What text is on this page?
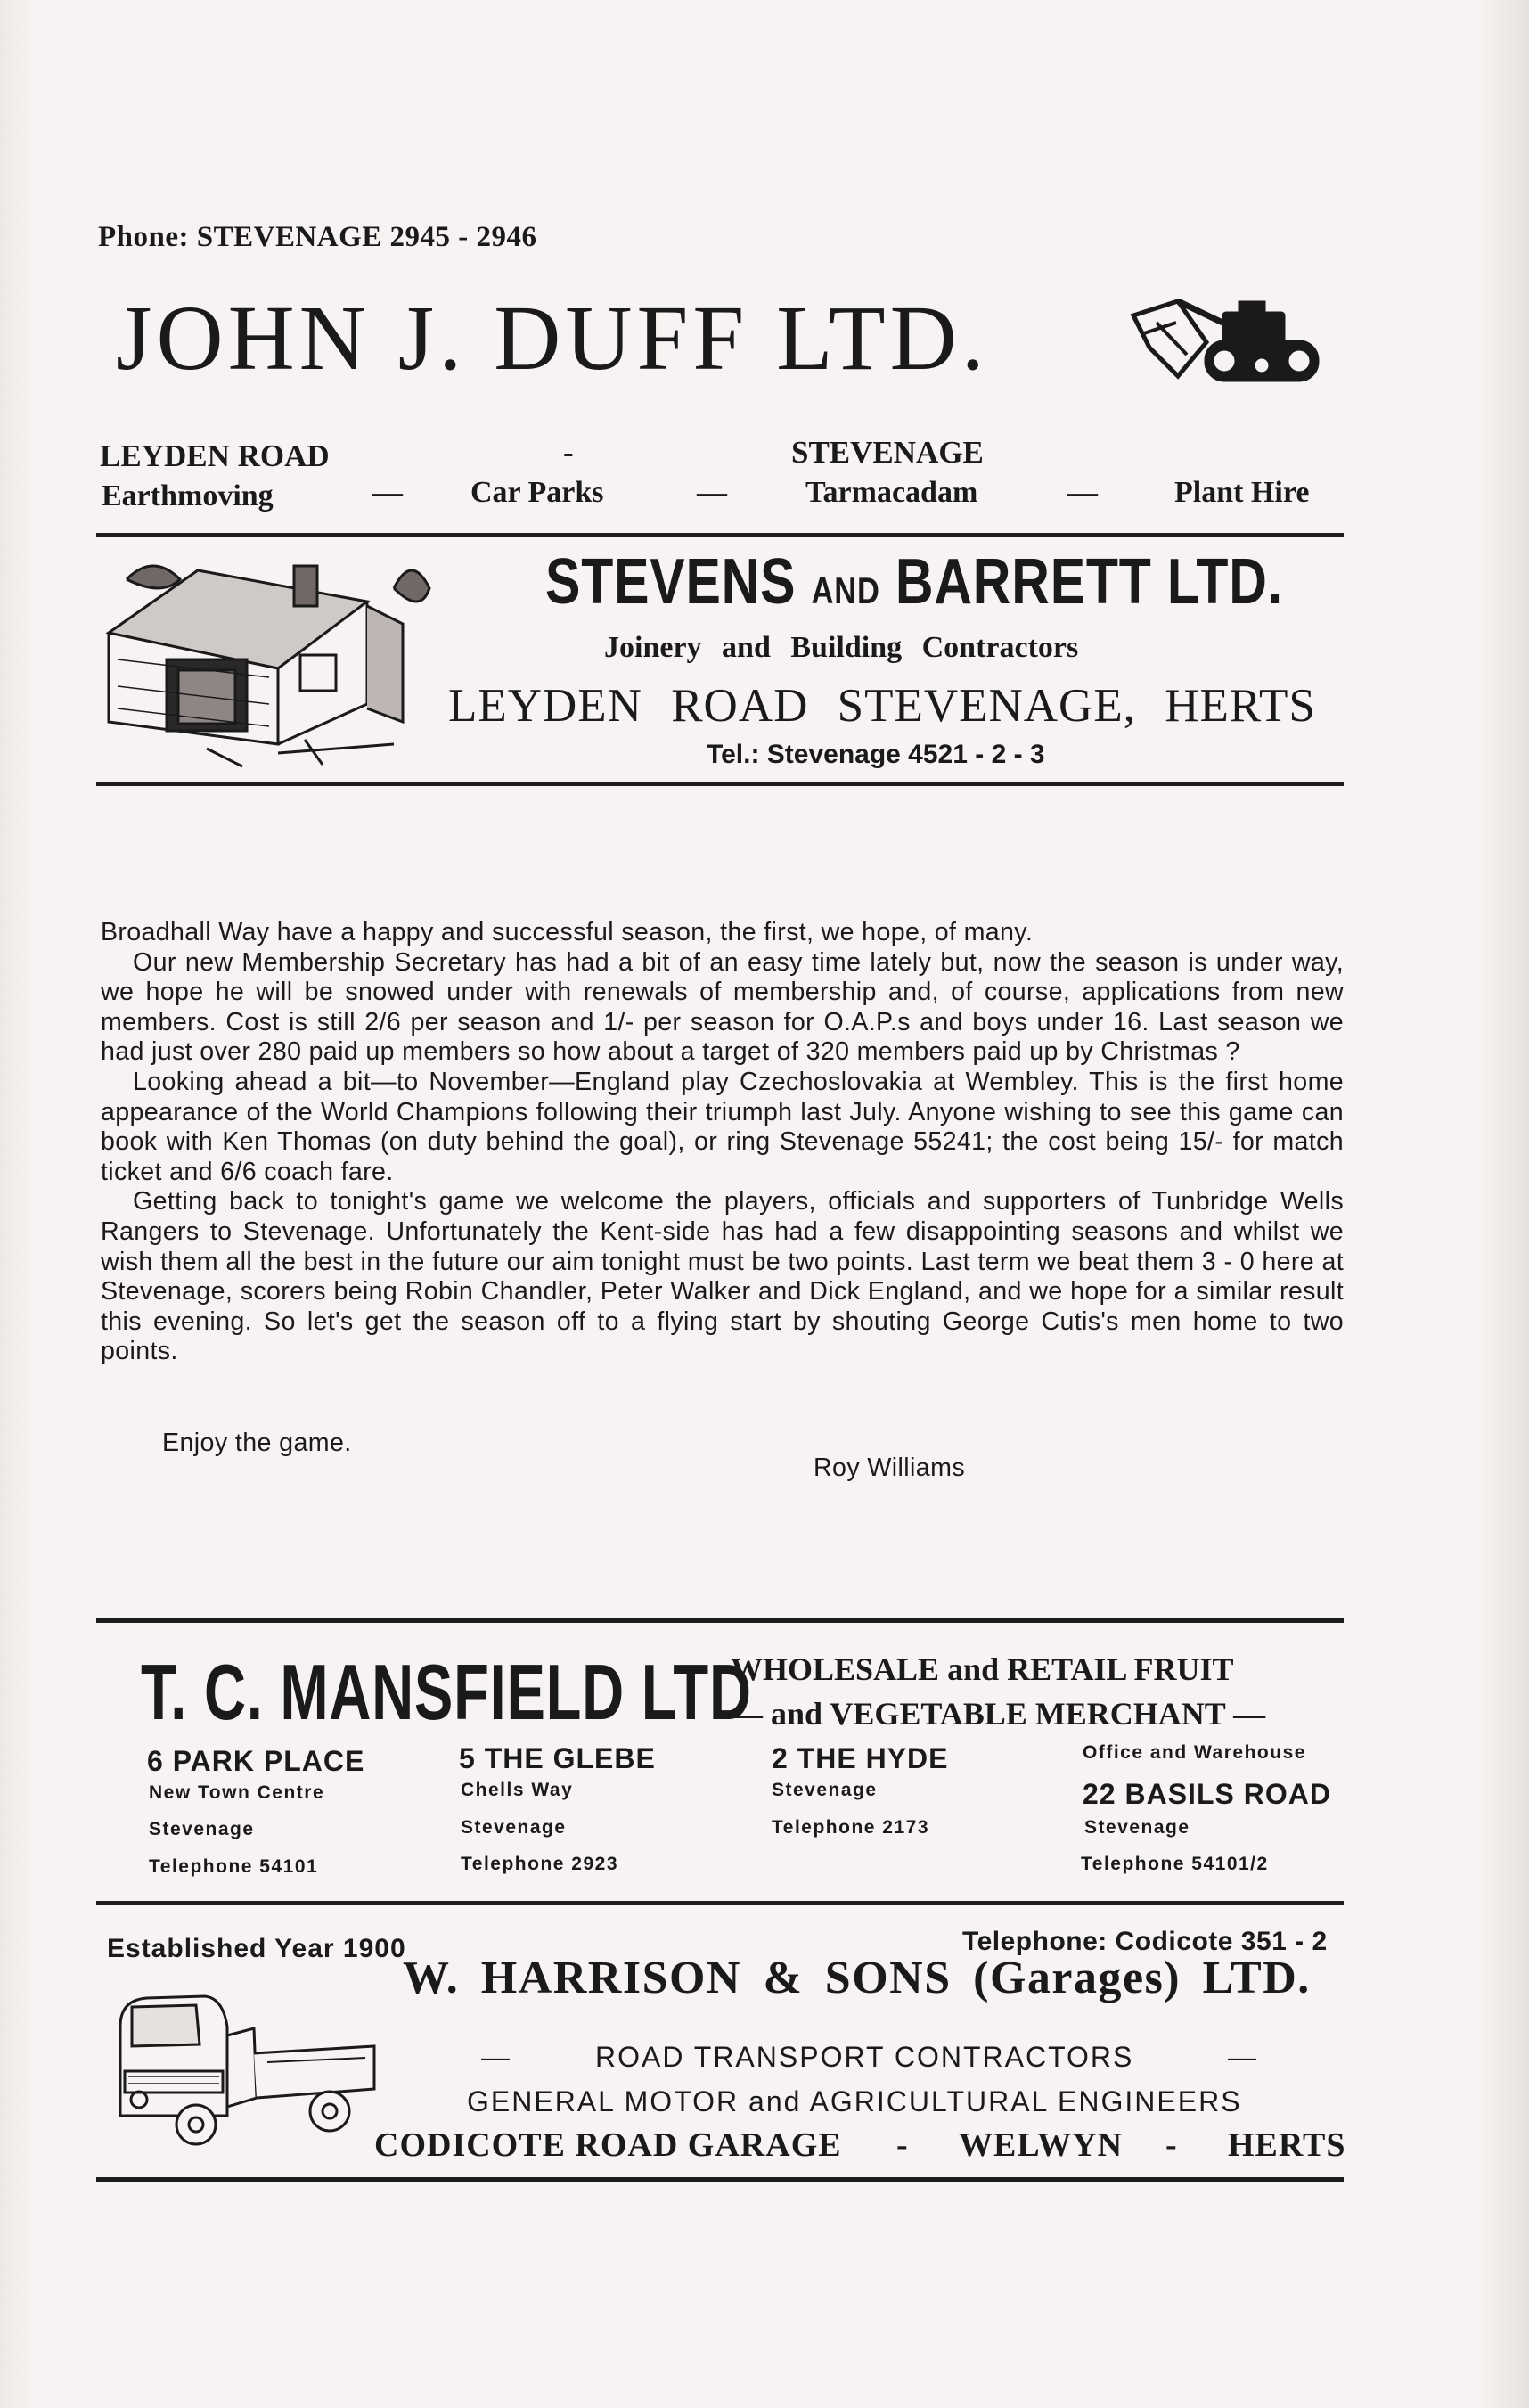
Phone: STEVENAGE 2945 - 2946
JOHN J. DUFF LTD.
LEYDEN ROAD	-	STEVENAGE
Earthmoving	— Car Parks	—	Tarmacadam	—	Plant Hire
STEVENS AND BARRETT LTD.
Joinery and Building Contractors
LEYDEN ROAD STEVENAGE, HERTS
Tel.: Stevenage 4521 - 2 - 3

Broadhall Way have a happy and successful season, the first, we hope, of many.

Our new Membership Secretary has had a bit of an easy time lately but, now the season is under way, we hope he will be snowed under with renewals of membership and, of course, applications from new members. Cost is still 2/6 per season and 1/- per season for O.A.P.s and boys under 16. Last season we had just over 280 paid up members so how about a target of 320 members paid up by Christmas ?

Looking ahead a bit—to November—England play Czechoslovakia at Wembley. This is the first home appearance of the World Champions following their triumph last July. Anyone wishing to see this game can book with Ken Thomas (on duty behind the goal), or ring Stevenage 55241; the cost being 15/- for match ticket and 6/6 coach fare.

Getting back to tonight's game we welcome the players, officials and supporters of Tunbridge Wells Rangers to Stevenage. Unfortunately the Kent-side has had a few disappointing seasons and whilst we wish them all the best in the future our aim tonight must be two points. Last term we beat them 3 - 0 here at Stevenage, scorers being Robin Chandler, Peter Walker and Dick England, and we hope for a similar result this evening. So let's get the season off to a flying start by shouting George Cutis's men home to two points.

Enjoy the game.
Roy Williams
T. C. MANSFIELD LTD
WHOLESALE and RETAIL FRUIT
— and VEGETABLE MERCHANT —
6 PARK PLACE
New Town Centre
Stevenage
Telephone 54101
5 THE GLEBE
Chells Way
Stevenage
Telephone 2923
2 THE HYDE
Stevenage
Telephone 2173
Office and Warehouse
22 BASILS ROAD
Stevenage
Telephone 54101/2
Established Year 1900	Telephone: Codicote 351 - 2
W. HARRISON & SONS (Garages) LTD.
—	ROAD TRANSPORT CONTRACTORS	—
GENERAL MOTOR and AGRICULTURAL ENGINEERS
CODICOTE ROAD GARAGE - WELWYN - HERTS
